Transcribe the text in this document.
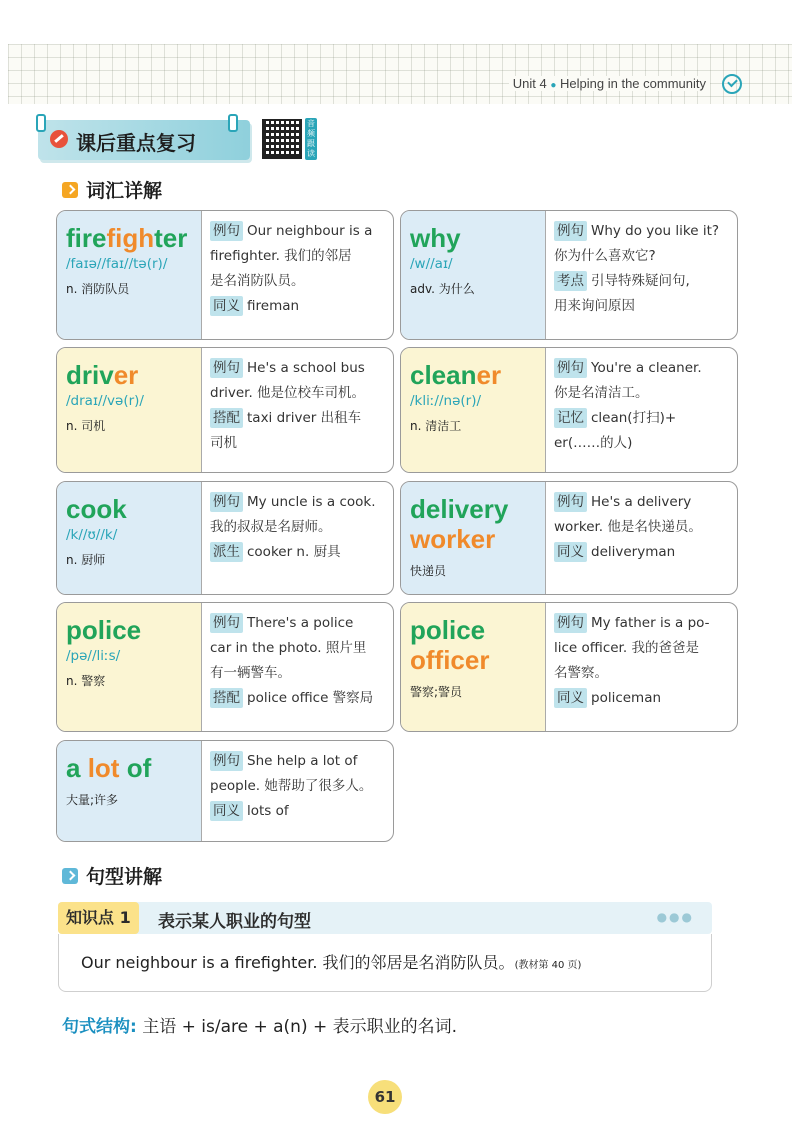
Unit 4 ● Helping in the community
课后重点复习
音频跟读
词汇详解
firefighter
/faɪə//faɪ//tə(r)/
n. 消防队员
例句 Our neighbour is a
firefighter. 我们的邻居
是名消防队员。
同义 fireman
why
/w//aɪ/
adv. 为什么
例句 Why do you like it?
你为什么喜欢它?
考点 引导特殊疑问句,
用来询问原因
driver
/draɪ//və(r)/
n. 司机
例句 He's a school bus
driver. 他是位校车司机。
搭配 taxi driver 出租车
司机
cleaner
/kliː//nə(r)/
n. 清洁工
例句 You're a cleaner.
你是名清洁工。
记忆 clean(打扫)+
er(……的人)
cook
/k//ʊ//k/
n. 厨师
例句 My uncle is a cook.
我的叔叔是名厨师。
派生 cooker n. 厨具
delivery
worker
快递员
例句 He's a delivery
worker. 他是名快递员。
同义 deliveryman
police
/pə//liːs/
n. 警察
例句 There's a police
car in the photo. 照片里
有一辆警车。
搭配 police office 警察局
police
officer
警察;警员
例句 My father is a po-
lice officer. 我的爸爸是
名警察。
同义 policeman
a lot of
大量;许多
例句 She help a lot of
people. 她帮助了很多人。
同义 lots of
句型讲解
知识点 1	表示某人职业的句型	●●●
Our neighbour is a firefighter. 我们的邻居是名消防队员。(教材第 40 页)
句式结构: 主语 + is/are + a(n) + 表示职业的名词.
61
